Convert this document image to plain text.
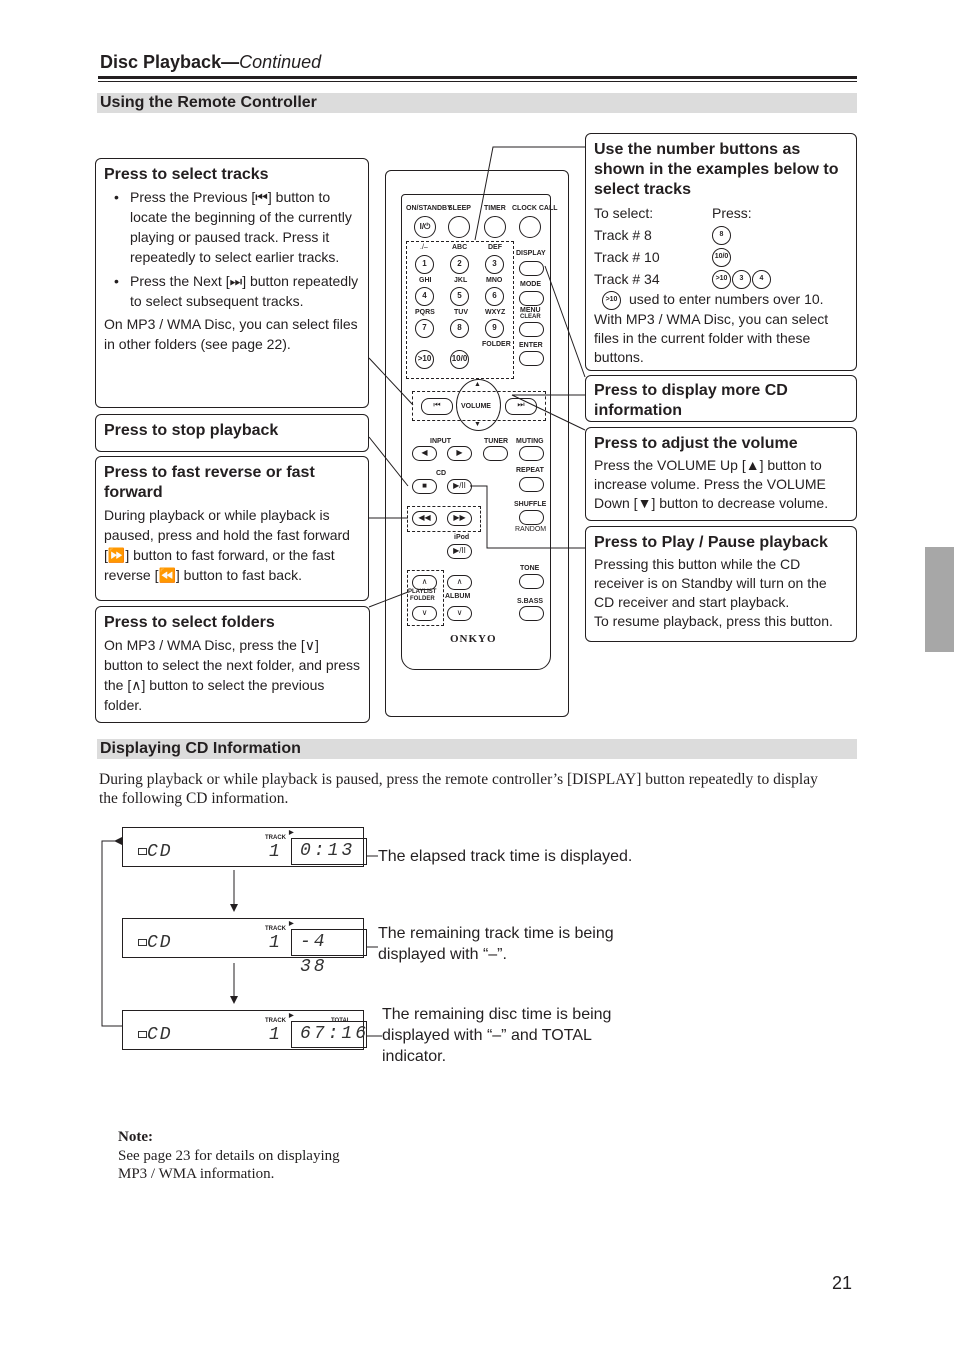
Disc Playback—Continued
Using the Remote Controller
Press to select tracks
• Press the Previous [⏮] button to locate the beginning of the currently playing or paused track. Press it repeatedly to select earlier tracks.
• Press the Next [⏭] button repeatedly to select subsequent tracks.
On MP3 / WMA Disc, you can select files in other folders (see page 22).
Press to stop playback
Press to fast reverse or fast forward
During playback or while playback is paused, press and hold the fast forward [⏩] button to fast forward, or the fast reverse [⏪] button to fast back.
Press to select folders
On MP3 / WMA Disc, press the [∨] button to select the next folder, and press the [∧] button to select the previous folder.
Use the number buttons as shown in the examples below to select tracks
To select:	Press:
Track # 8	8
Track # 10	10/0
Track # 34	>10	3	4
>10 used to enter numbers over 10.
With MP3 / WMA Disc, you can select files in the current folder with these buttons.
Press to display more CD information
Press to adjust the volume
Press the VOLUME Up [▲] button to increase volume. Press the VOLUME Down [▼] button to decrease volume.
Press to Play / Pause playback
Pressing this button while the CD receiver is on Standby will turn on the CD receiver and start playback.
To resume playback, press this button.
ON/STANDBY
SLEEP TIMER CLOCK CALL
I/⏻
./–	ABC	DEF
1	2	3
GHI	JKL	MNO
4	5	6
PQRS	TUV WXYZ
7	8	9
>10	10/0
FOLDER
DISPLAY
MODE
MENU
CLEAR
ENTER
▲
▼
VOLUME
⏮	⏭
INPUT	TUNER MUTING
◀	▶
CD	REPEAT
■	▶/II
SHUFFLE
◀◀	▶▶
RANDOM
iPod
▶/II
TONE
∧	∧
PLAYLIST
FOLDER ALBUM
S.BASS
∨	∨
ONKYO
Displaying CD Information
During playback or while playback is paused, press the remote controller’s [DISPLAY] button repeatedly to display the following CD information.
TRACK
▶
CD	1	0:13	The elapsed track time is displayed.
TRACK
▶
CD	1	-4 38
The remaining track time is being displayed with “–”.
TRACK	TOTAL
▶
CD	1	67:16
The remaining disc time is being displayed with “–” and TOTAL indicator.
Note:
See page 23 for details on displaying
MP3 / WMA information.
21
